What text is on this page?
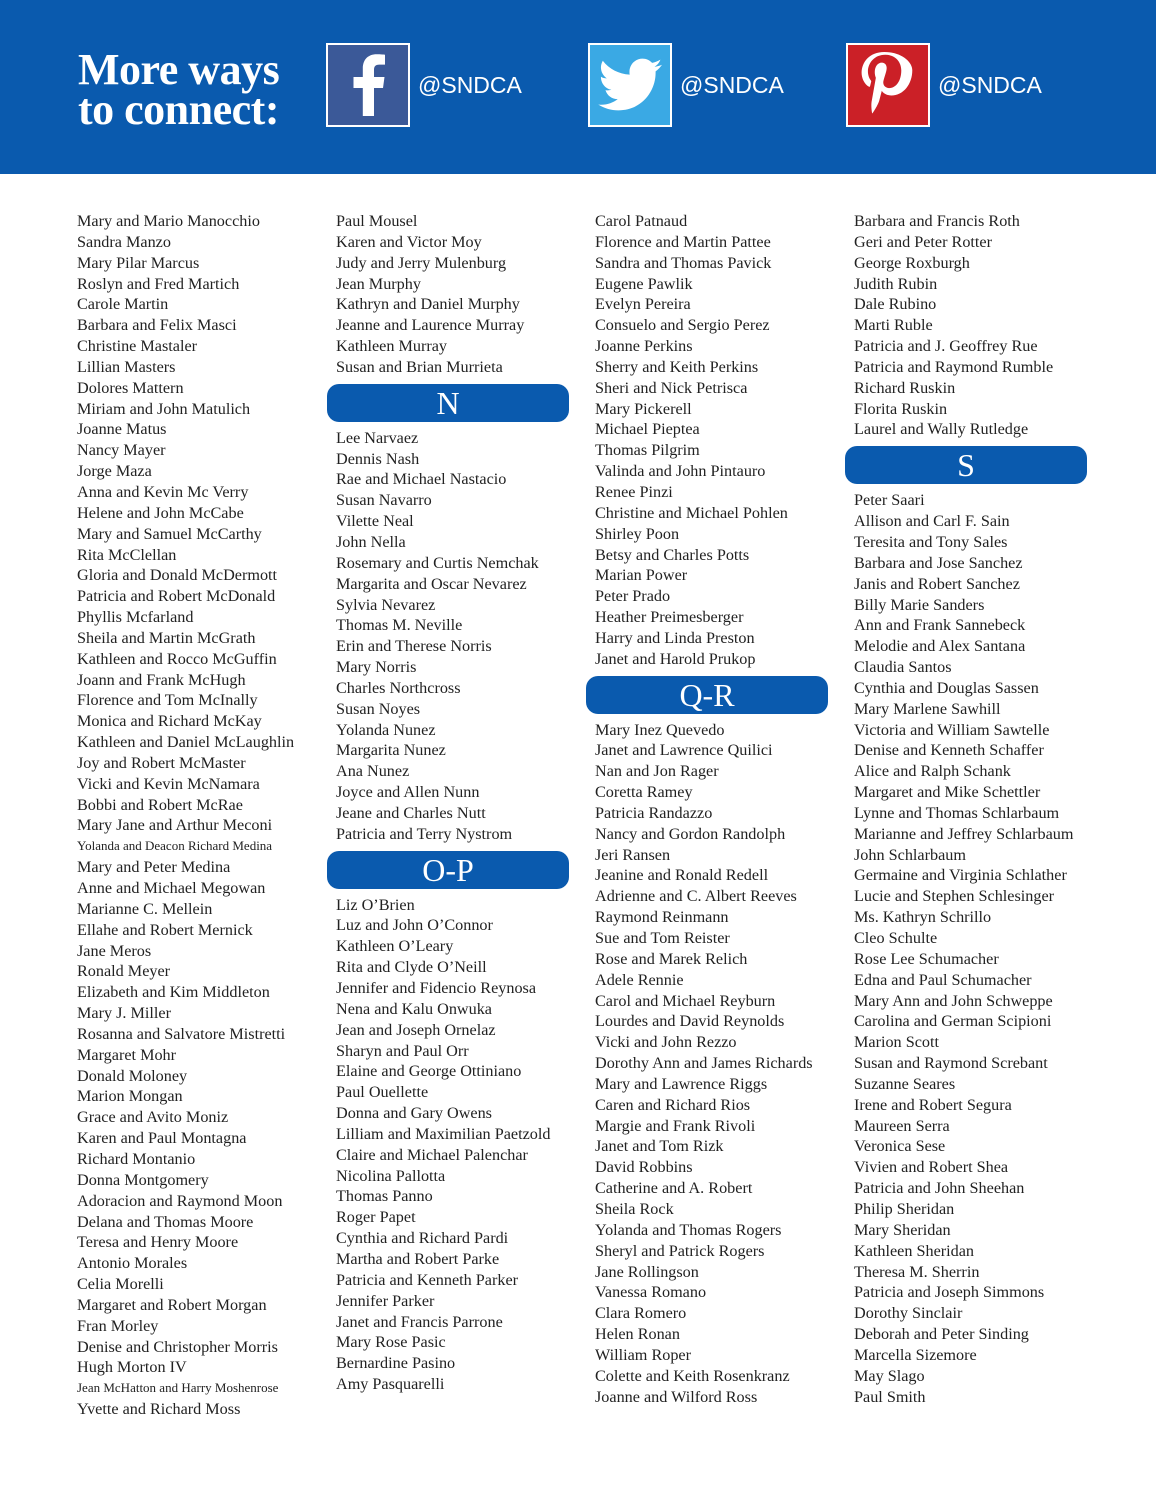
More ways
to connect:
@SNDCA	@SNDCA	@SNDCA
Mary and Mario Manocchio
Sandra Manzo
Mary Pilar Marcus
Roslyn and Fred Martich
Carole Martin
Barbara and Felix Masci
Christine Mastaler
Lillian Masters
Dolores Mattern
Miriam and John Matulich
Joanne Matus
Nancy Mayer
Jorge Maza
Anna and Kevin Mc Verry
Helene and John McCabe
Mary and Samuel McCarthy
Rita McClellan
Gloria and Donald McDermott
Patricia and Robert McDonald
Phyllis Mcfarland
Sheila and Martin McGrath
Kathleen and Rocco McGuffin
Joann and Frank McHugh
Florence and Tom McInally
Monica and Richard McKay
Kathleen and Daniel McLaughlin
Joy and Robert McMaster
Vicki and Kevin McNamara
Bobbi and Robert McRae
Mary Jane and Arthur Meconi
Yolanda and Deacon Richard Medina
Mary and Peter Medina
Anne and Michael Megowan
Marianne C. Mellein
Ellahe and Robert Mernick
Jane Meros
Ronald Meyer
Elizabeth and Kim Middleton
Mary J. Miller
Rosanna and Salvatore Mistretti
Margaret Mohr
Donald Moloney
Marion Mongan
Grace and Avito Moniz
Karen and Paul Montagna
Richard Montanio
Donna Montgomery
Adoracion and Raymond Moon
Delana and Thomas Moore
Teresa and Henry Moore
Antonio Morales
Celia Morelli
Margaret and Robert Morgan
Fran Morley
Denise and Christopher Morris
Hugh Morton IV
Jean McHatton and Harry Moshenrose
Yvette and Richard Moss
Paul Mousel
Karen and Victor Moy
Judy and Jerry Mulenburg
Jean Murphy
Kathryn and Daniel Murphy
Jeanne and Laurence Murray
Kathleen Murray
Susan and Brian Murrieta
N
Lee Narvaez
Dennis Nash
Rae and Michael Nastacio
Susan Navarro
Vilette Neal
John Nella
Rosemary and Curtis Nemchak
Margarita and Oscar Nevarez
Sylvia Nevarez
Thomas M. Neville
Erin and Therese Norris
Mary Norris
Charles Northcross
Susan Noyes
Yolanda Nunez
Margarita Nunez
Ana Nunez
Joyce and Allen Nunn
Jeane and Charles Nutt
Patricia and Terry Nystrom
O-P
Liz O’Brien
Luz and John O’Connor
Kathleen O’Leary
Rita and Clyde O’Neill
Jennifer and Fidencio Reynosa
Nena and Kalu Onwuka
Jean and Joseph Ornelaz
Sharyn and Paul Orr
Elaine and George Ottiniano
Paul Ouellette
Donna and Gary Owens
Lilliam and Maximilian Paetzold
Claire and Michael Palenchar
Nicolina Pallotta
Thomas Panno
Roger Papet
Cynthia and Richard Pardi
Martha and Robert Parke
Patricia and Kenneth Parker
Jennifer Parker
Janet and Francis Parrone
Mary Rose Pasic
Bernardine Pasino
Amy Pasquarelli
Carol Patnaud
Florence and Martin Pattee
Sandra and Thomas Pavick
Eugene Pawlik
Evelyn Pereira
Consuelo and Sergio Perez
Joanne Perkins
Sherry and Keith Perkins
Sheri and Nick Petrisca
Mary Pickerell
Michael Pieptea
Thomas Pilgrim
Valinda and John Pintauro
Renee Pinzi
Christine and Michael Pohlen
Shirley Poon
Betsy and Charles Potts
Marian Power
Peter Prado
Heather Preimesberger
Harry and Linda Preston
Janet and Harold Prukop
Q-R
Mary Inez Quevedo
Janet and Lawrence Quilici
Nan and Jon Rager
Coretta Ramey
Patricia Randazzo
Nancy and Gordon Randolph
Jeri Ransen
Jeanine and Ronald Redell
Adrienne and C. Albert Reeves
Raymond Reinmann
Sue and Tom Reister
Rose and Marek Relich
Adele Rennie
Carol and Michael Reyburn
Lourdes and David Reynolds
Vicki and John Rezzo
Dorothy Ann and James Richards
Mary and Lawrence Riggs
Caren and Richard Rios
Margie and Frank Rivoli
Janet and Tom Rizk
David Robbins
Catherine and A. Robert
Sheila Rock
Yolanda and Thomas Rogers
Sheryl and Patrick Rogers
Jane Rollingson
Vanessa Romano
Clara Romero
Helen Ronan
William Roper
Colette and Keith Rosenkranz
Joanne and Wilford Ross
Barbara and Francis Roth
Geri and Peter Rotter
George Roxburgh
Judith Rubin
Dale Rubino
Marti Ruble
Patricia and J. Geoffrey Rue
Patricia and Raymond Rumble
Richard Ruskin
Florita Ruskin
Laurel and Wally Rutledge
S
Peter Saari
Allison and Carl F. Sain
Teresita and Tony Sales
Barbara and Jose Sanchez
Janis and Robert Sanchez
Billy Marie Sanders
Ann and Frank Sannebeck
Melodie and Alex Santana
Claudia Santos
Cynthia and Douglas Sassen
Mary Marlene Sawhill
Victoria and William Sawtelle
Denise and Kenneth Schaffer
Alice and Ralph Schank
Margaret and Mike Schettler
Lynne and Thomas Schlarbaum
Marianne and Jeffrey Schlarbaum
John Schlarbaum
Germaine and Virginia Schlather
Lucie and Stephen Schlesinger
Ms. Kathryn Schrillo
Cleo Schulte
Rose Lee Schumacher
Edna and Paul Schumacher
Mary Ann and John Schweppe
Carolina and German Scipioni
Marion Scott
Susan and Raymond Screbant
Suzanne Seares
Irene and Robert Segura
Maureen Serra
Veronica Sese
Vivien and Robert Shea
Patricia and John Sheehan
Philip Sheridan
Mary Sheridan
Kathleen Sheridan
Theresa M. Sherrin
Patricia and Joseph Simmons
Dorothy Sinclair
Deborah and Peter Sinding
Marcella Sizemore
May Slago
Paul Smith
